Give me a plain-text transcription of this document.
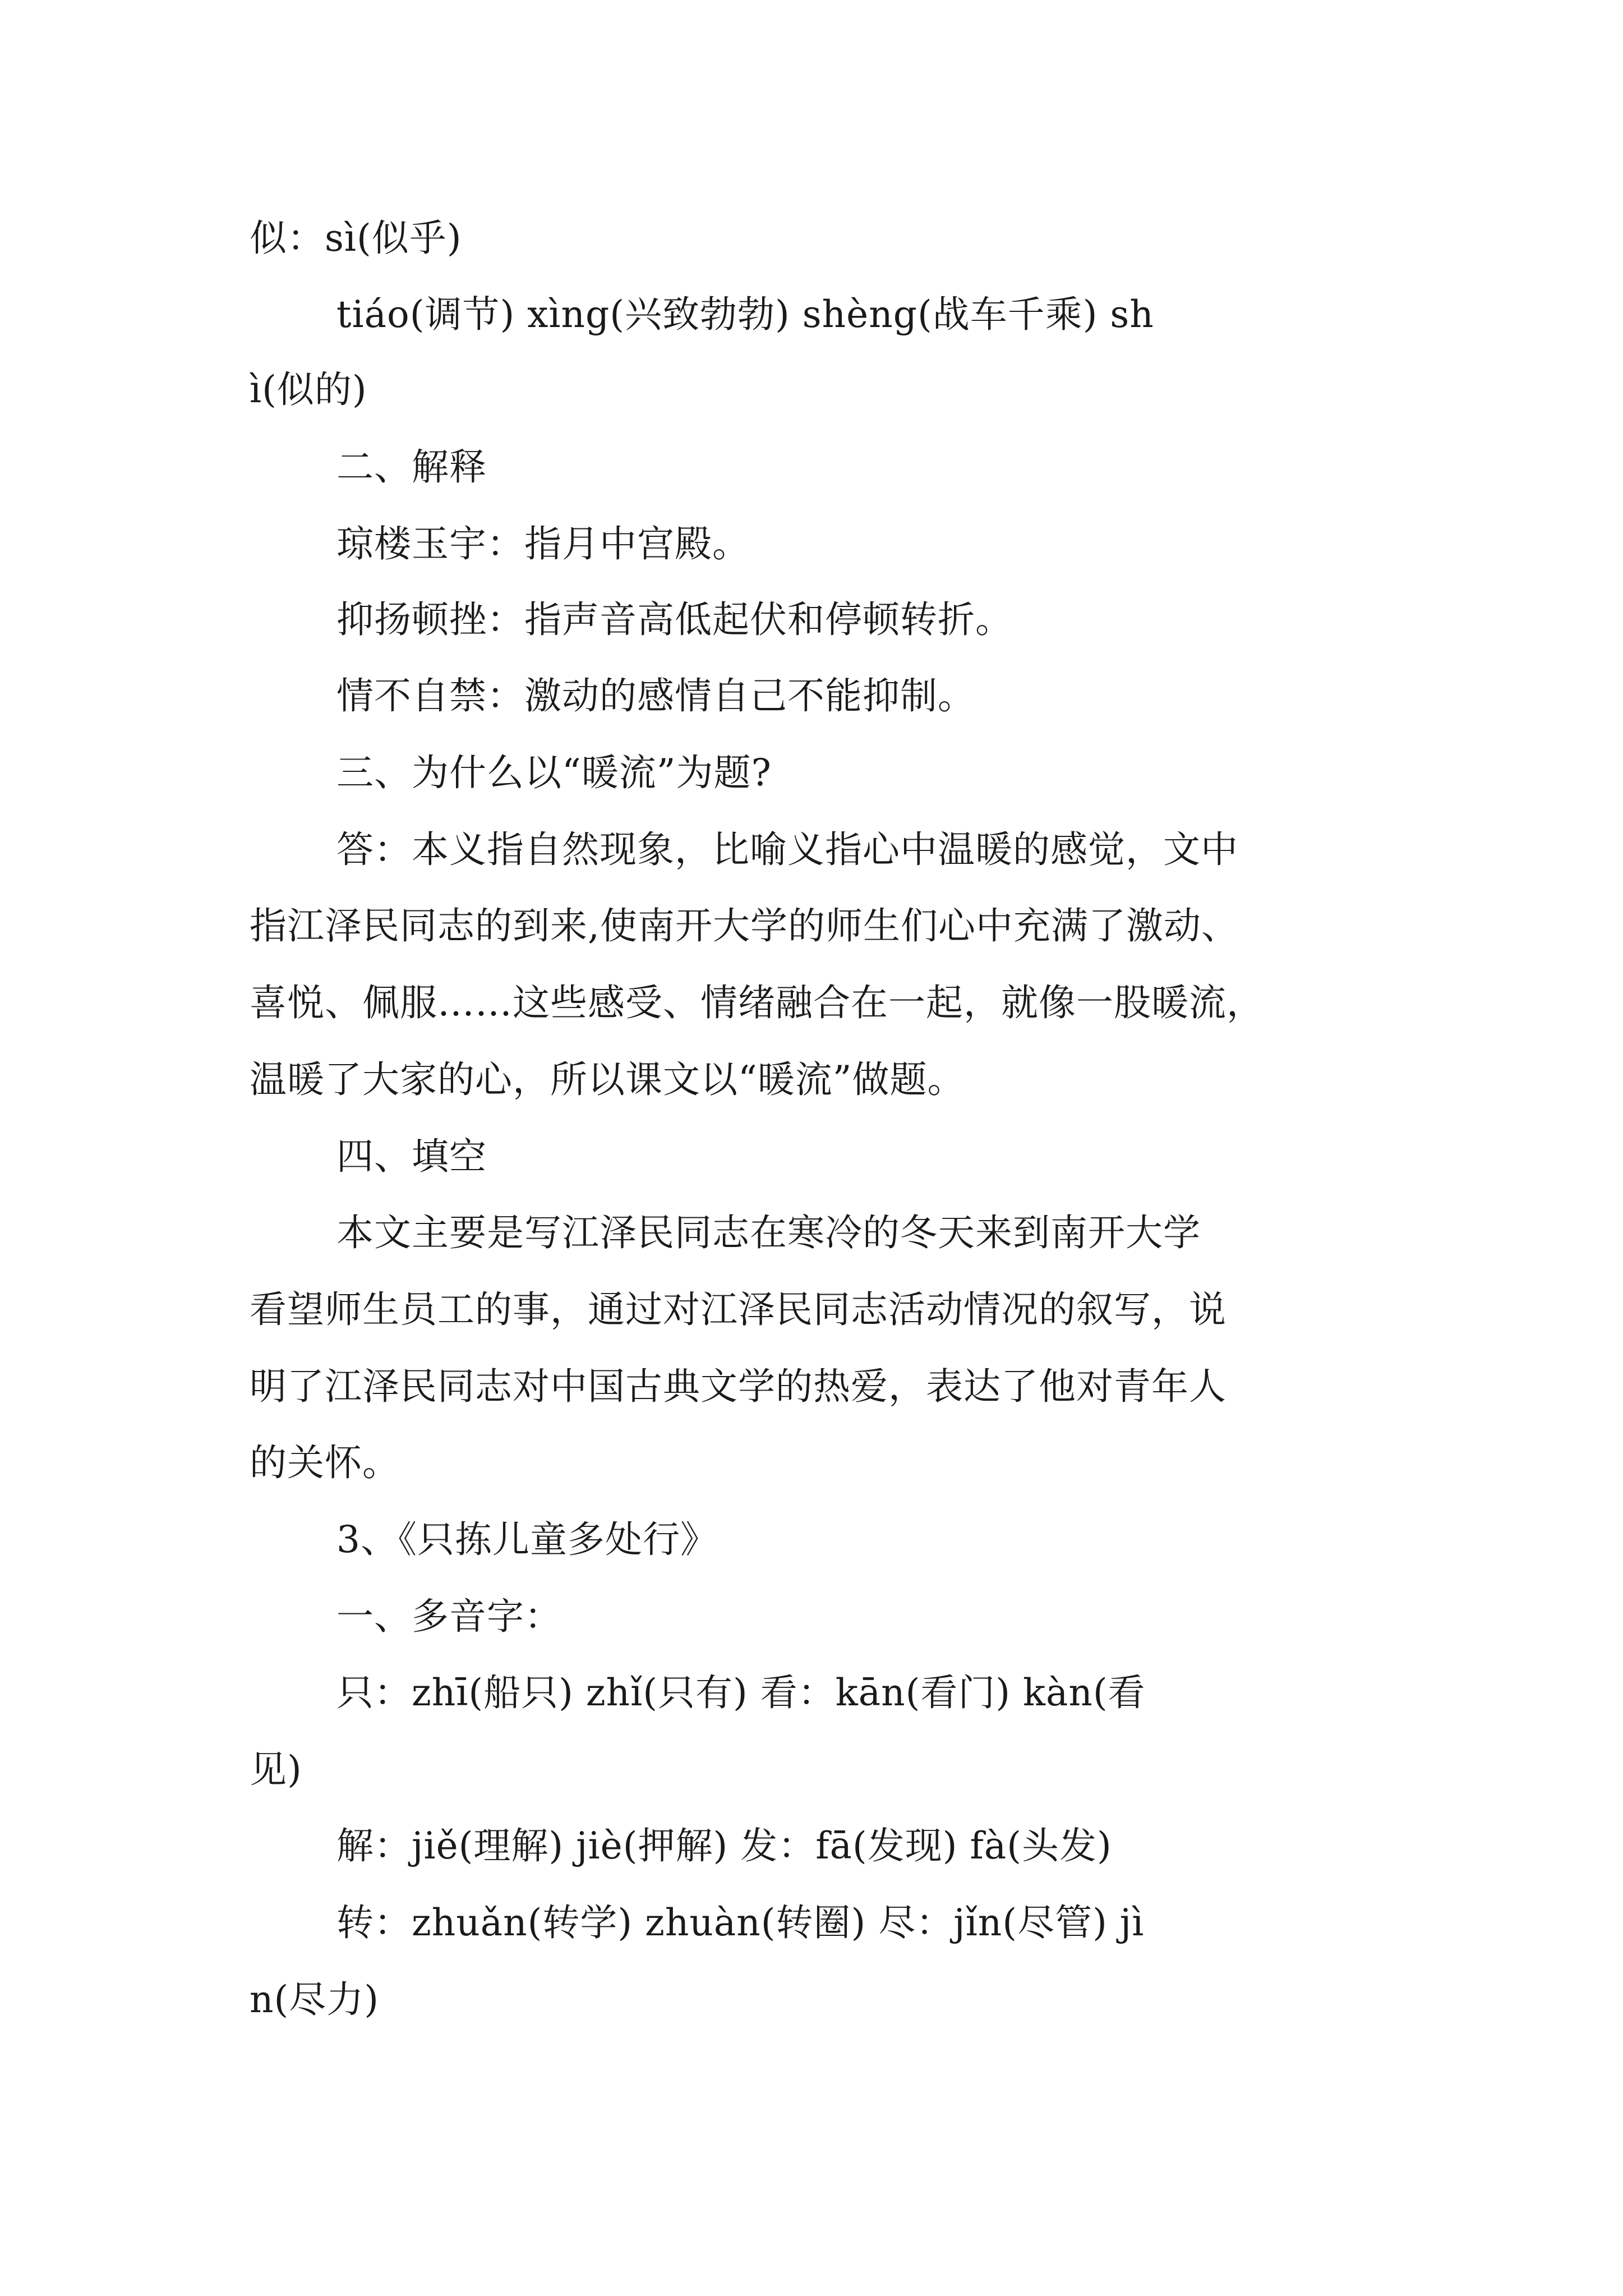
似：sì(似乎)
tiáo(调节) xìng(兴致勃勃) shèng(战车千乘) sh
ì(似的)
二、解释
琼楼玉宇：指月中宫殿。
抑扬顿挫：指声音高低起伏和停顿转折。
情不自禁：激动的感情自己不能抑制。
三、为什么以“暖流”为题?
答：本义指自然现象，比喻义指心中温暖的感觉，文中
指江泽民同志的到来,使南开大学的师生们心中充满了激动、
喜悦、佩服……这些感受、情绪融合在一起，就像一股暖流，
温暖了大家的心，所以课文以“暖流”做题。
四、填空
本文主要是写江泽民同志在寒冷的冬天来到南开大学
看望师生员工的事，通过对江泽民同志活动情况的叙写，说
明了江泽民同志对中国古典文学的热爱，表达了他对青年人
的关怀。
3、《只拣儿童多处行》
一、多音字：
只：zhī(船只) zhǐ(只有) 看：kān(看门) kàn(看
见)
解：jiě(理解) jiè(押解) 发：fā(发现) fà(头发)
转：zhuǎn(转学) zhuàn(转圈) 尽：jǐn(尽管) jì
n(尽力)
